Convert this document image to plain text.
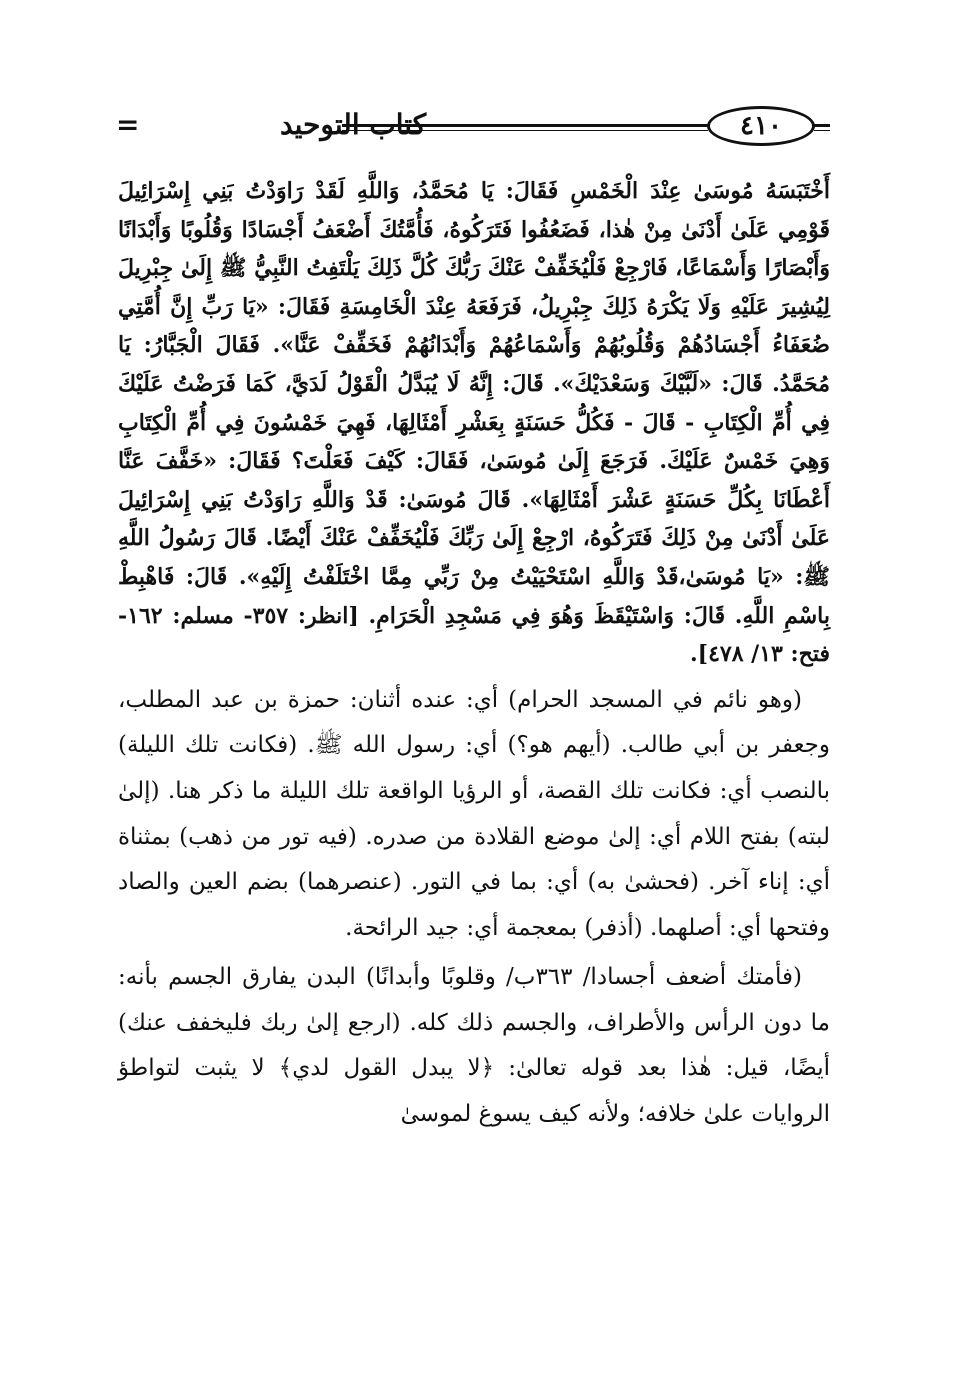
٤١٠
كتاب التوحيد
=

أَخْتَبَسَهُ مُوسَىٰ عِنْدَ الْخَمْسِ فَقَالَ: يَا مُحَمَّدُ، وَاللَّهِ لَقَدْ رَاوَدْتُ بَنِي إِسْرَائِيلَ قَوْمِي عَلَىٰ أَدْنَىٰ مِنْ هٰذا، فَضَعُفُوا فَتَرَكُوهُ، فَأُمَّتُكَ أَضْعَفُ أَجْسَادًا وَقُلُوبًا وَأَبْدَانًا وَأَبْصَارًا وَأَسْمَاعًا، فَارْجِعْ فَلْيُخَفِّفْ عَنْكَ رَبُّكَ كُلَّ ذَلِكَ يَلْتَفِتُ النَّبِيُّ ﷺ إِلَىٰ جِبْرِيلَ لِيُشِيرَ عَلَيْهِ وَلَا يَكْرَهُ ذَلِكَ جِبْرِيلُ، فَرَفَعَهُ عِنْدَ الْخَامِسَةِ فَقَالَ: «يَا رَبِّ إِنَّ أُمَّتِي ضُعَفَاءُ أَجْسَادُهُمْ وَقُلُوبُهُمْ وَأَسْمَاعُهُمْ وَأَبْدَانُهُمْ فَخَفِّفْ عَنَّا». فَقَالَ الْجَبَّارُ: يَا مُحَمَّدُ. قَالَ: «لَبَّيْكَ وَسَعْدَيْكَ». قَالَ: إِنَّهُ لَا يُبَدَّلُ الْقَوْلُ لَدَيَّ، كَمَا فَرَضْتُ عَلَيْكَ فِي أُمِّ الْكِتَابِ - قَالَ - فَكُلُّ حَسَنَةٍ بِعَشْرِ أَمْثَالِهَا، فَهِيَ خَمْسُونَ فِي أُمِّ الْكِتَابِ وَهِيَ خَمْسٌ عَلَيْكَ. فَرَجَعَ إِلَىٰ مُوسَىٰ، فَقَالَ: كَيْفَ فَعَلْتَ؟ فَقَالَ: «خَفَّفَ عَنَّا أَعْطَانَا بِكُلِّ حَسَنَةٍ عَشْرَ أَمْثَالِهَا». قَالَ مُوسَىٰ: قَدْ وَاللَّهِ رَاوَدْتُ بَنِي إِسْرَائِيلَ عَلَىٰ أَدْنَىٰ مِنْ ذَلِكَ فَتَرَكُوهُ، ارْجِعْ إِلَىٰ رَبِّكَ فَلْيُخَفِّفْ عَنْكَ أَيْضًا. قَالَ رَسُولُ اللَّهِ ﷺ: «يَا مُوسَىٰ،قَدْ وَاللَّهِ اسْتَحْيَيْتُ مِنْ رَبِّي مِمَّا اخْتَلَفْتُ إِلَيْهِ». قَالَ: فَاهْبِطْ بِاسْمِ اللَّهِ. قَالَ: وَاسْتَيْقَظَ وَهُوَ فِي مَسْجِدِ الْحَرَامِ. [انظر: ٣٥٧- مسلم: ١٦٢- فتح: ١٣/ ٤٧٨].

(وهو نائم في المسجد الحرام) أي: عنده أثنان: حمزة بن عبد المطلب، وجعفر بن أبي طالب. (أيهم هو؟) أي: رسول الله ﷺ. (فكانت تلك الليلة) بالنصب أي: فكانت تلك القصة، أو الرؤيا الواقعة تلك الليلة ما ذكر هنا. (إلىٰ لبته) بفتح اللام أي: إلىٰ موضع القلادة من صدره. (فيه تور من ذهب) بمثناة أي: إناء آخر. (فحشىٰ به) أي: بما في التور. (عنصرهما) بضم العين والصاد وفتحها أي: أصلهما. (أذفر) بمعجمة أي: جيد الرائحة.

(فأمتك أضعف أجسادا/ ٣٦٣ب/ وقلوبًا وأبدانًا) البدن يفارق الجسم بأنه: ما دون الرأس والأطراف، والجسم ذلك كله. (ارجع إلىٰ ربك فليخفف عنك) أيضًا، قيل: هٰذا بعد قوله تعالىٰ: ﴿لا يبدل القول لدي﴾ لا يثبت لتواطؤ الروايات علىٰ خلافه؛ ولأنه كيف يسوغ لموسىٰ
